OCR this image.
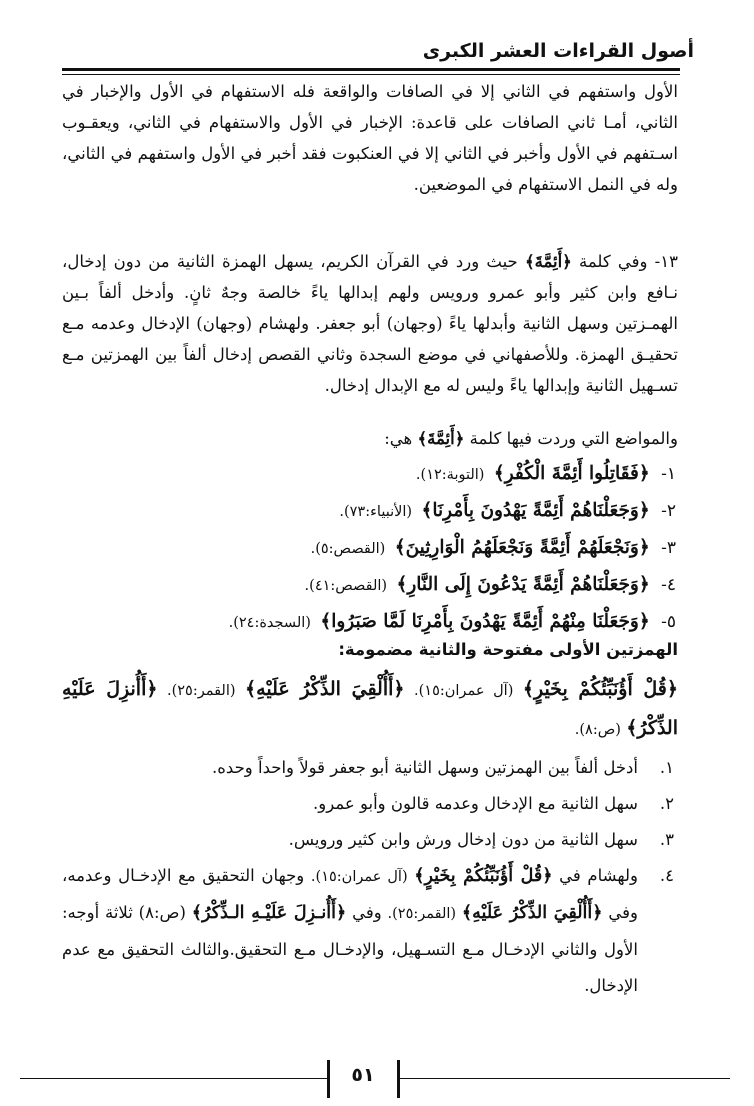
أصول القراءات العشر الكبرى

الأول واستفهم في الثاني إلا في الصافات والواقعة فله الاستفهام في الأول والإخبار في الثاني، أمـا ثاني الصافات على قاعدة: الإخبار في الأول والاستفهام في الثاني، ويعقـوب اسـتفهم في الأول وأخبر في الثاني إلا في العنكبوت فقد أخبر في الأول واستفهم في الثاني، وله في النمل الاستفهام في الموضعين.

١٣- وفي كلمة ﴿أَئِمَّةَ﴾ حيث ورد في القرآن الكريم، يسهل الهمزة الثانية من دون إدخال، نـافع وابن كثير وأبو عمرو ورويس ولهم إبدالها ياءً خالصة وجهٌ ثانٍ. وأدخل ألفاً بـين الهمـزتين وسهل الثانية وأبدلها ياءً (وجهان) أبو جعفر. ولهشام (وجهان) الإدخال وعدمه مـع تحقيـق الهمزة. وللأصفهاني في موضع السجدة وثاني القصص إدخال ألفاً بين الهمزتين مـع تسـهيل الثانية وإبدالها ياءً وليس له مع الإبدال إدخال.

والمواضع التي وردت فيها كلمة ﴿أَئِمَّةَ﴾ هي:

١- ﴿فَقَاتِلُوا أَئِمَّةَ الْكُفْرِ﴾ (التوبة:١٢).
٢- ﴿وَجَعَلْنَاهُمْ أَئِمَّةً يَهْدُونَ بِأَمْرِنَا﴾ (الأنبياء:٧٣).
٣- ﴿وَنَجْعَلَهُمْ أَئِمَّةً وَنَجْعَلَهُمُ الْوَارِثِينَ﴾ (القصص:٥).
٤- ﴿وَجَعَلْنَاهُمْ أَئِمَّةً يَدْعُونَ إِلَى النَّارِ﴾ (القصص:٤١).
٥- ﴿وَجَعَلْنَا مِنْهُمْ أَئِمَّةً يَهْدُونَ بِأَمْرِنَا لَمَّا صَبَرُوا﴾ (السجدة:٢٤).
الهمزتين الأولى مفتوحة والثانية مضمومة:

﴿قُلْ أَؤُنَبِّئُكُمْ بِخَيْرٍ﴾ (آل عمران:١٥). ﴿أَأُلْقِيَ الذِّكْرُ عَلَيْهِ﴾ (القمر:٢٥). ﴿أَأُنزِلَ عَلَيْهِ الذِّكْرُ﴾ (ص:٨).

١.
أدخل ألفاً بين الهمزتين وسهل الثانية أبو جعفر قولاً واحداً وحده.
٢.
سهل الثانية مع الإدخال وعدمه قالون وأبو عمرو.
٣.
سهل الثانية من دون إدخال ورش وابن كثير ورويس.
٤.
ولهشام في ﴿قُلْ أَؤُنَبِّئُكُمْ بِخَيْرٍ﴾ (آل عمران:١٥). وجهان التحقيق مع الإدخـال وعدمه، وفي ﴿أَأُلْقِيَ الذِّكْرُ عَلَيْهِ﴾ (القمر:٢٥). وفي ﴿أَأُنـزِلَ عَلَيْـهِ الـذِّكْرُ﴾ (ص:٨) ثلاثة أوجه: الأول والثاني الإدخـال مـع التسـهيل، والإدخـال مـع التحقيق.والثالث التحقيق مع عدم الإدخال.
٥١
